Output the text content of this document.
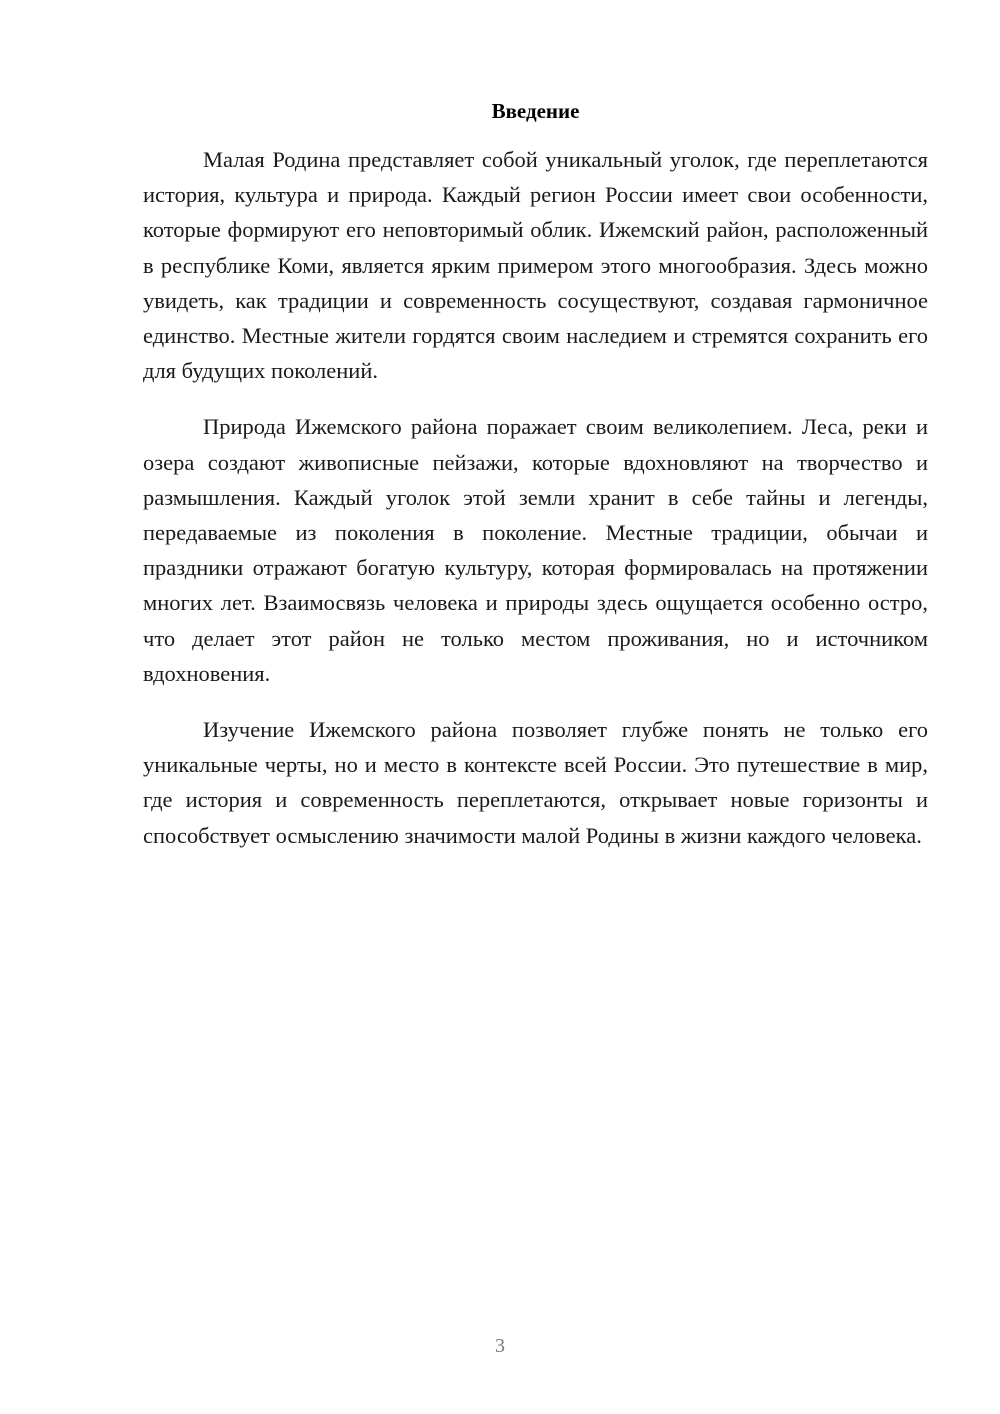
Введение

Малая Родина представляет собой уникальный уголок, где переплетаются история, культура и природа. Каждый регион России имеет свои особенности, которые формируют его неповторимый облик. Ижемский район, расположенный в республике Коми, является ярким примером этого многообразия. Здесь можно увидеть, как традиции и современность сосуществуют, создавая гармоничное единство. Местные жители гордятся своим наследием и стремятся сохранить его для будущих поколений.

Природа Ижемского района поражает своим великолепием. Леса, реки и озера создают живописные пейзажи, которые вдохновляют на творчество и размышления. Каждый уголок этой земли хранит в себе тайны и легенды, передаваемые из поколения в поколение. Местные традиции, обычаи и праздники отражают богатую культуру, которая формировалась на протяжении многих лет. Взаимосвязь человека и природы здесь ощущается особенно остро, что делает этот район не только местом проживания, но и источником вдохновения.

Изучение Ижемского района позволяет глубже понять не только его уникальные черты, но и место в контексте всей России. Это путешествие в мир, где история и современность переплетаются, открывает новые горизонты и способствует осмыслению значимости малой Родины в жизни каждого человека.

3
